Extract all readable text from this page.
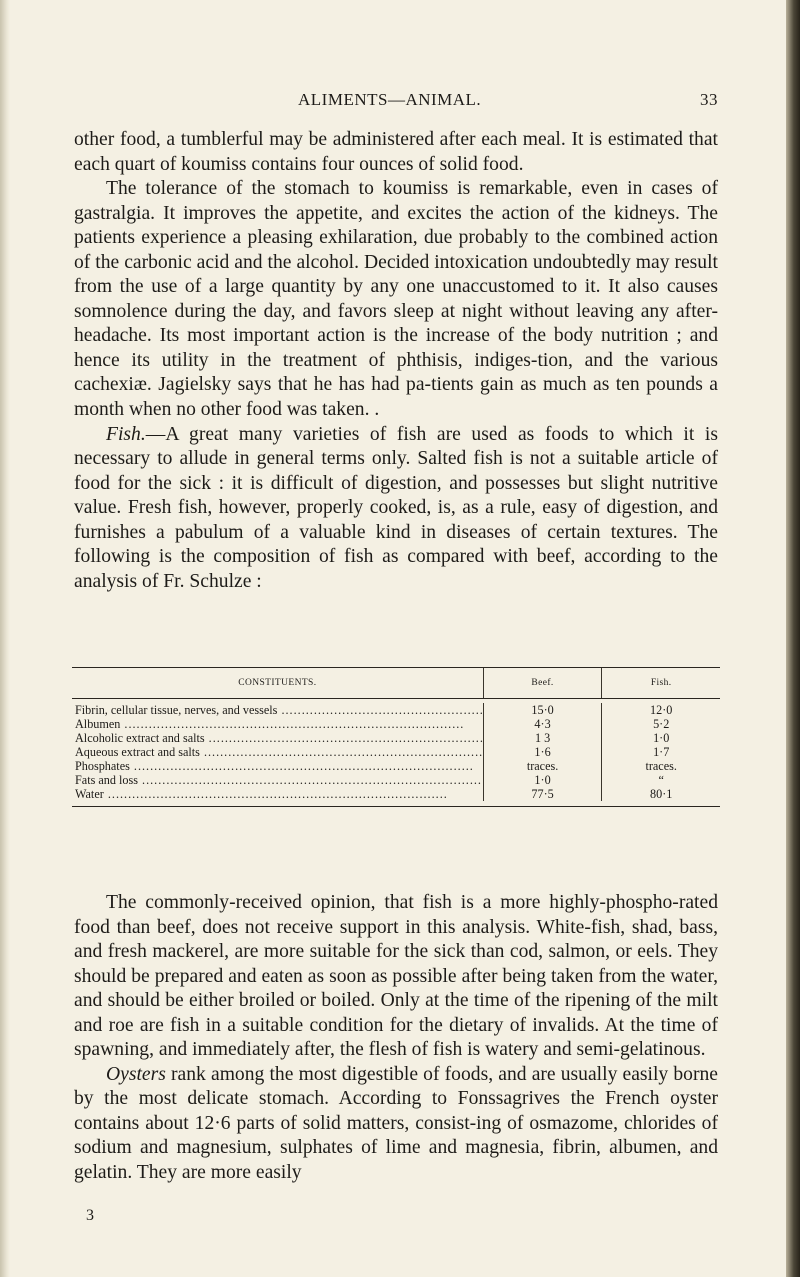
ALIMENTS—ANIMAL.	33

other food, a tumblerful may be administered after each meal. It is estimated that each quart of koumiss contains four ounces of solid food.

The tolerance of the stomach to koumiss is remarkable, even in cases of gastralgia. It improves the appetite, and excites the action of the kidneys. The patients experience a pleasing exhilaration, due probably to the combined action of the carbonic acid and the alcohol. Decided intoxication undoubtedly may result from the use of a large quantity by any one unaccustomed to it. It also causes somnolence during the day, and favors sleep at night without leaving any after-headache. Its most important action is the increase of the body nutrition ; and hence its utility in the treatment of phthisis, indiges-tion, and the various cachexiæ. Jagielsky says that he has had pa-tients gain as much as ten pounds a month when no other food was taken. .

Fish.—A great many varieties of fish are used as foods to which it is necessary to allude in general terms only. Salted fish is not a suitable article of food for the sick : it is difficult of digestion, and possesses but slight nutritive value. Fresh fish, however, properly cooked, is, as a rule, easy of digestion, and furnishes a pabulum of a valuable kind in diseases of certain textures. The following is the composition of fish as compared with beef, according to the analysis of Fr. Schulze :

CONSTITUENTS.	Beef.	Fish.
Fibrin, cellular tissue, nerves, and vessels .....	15·0	12·0
Albumen .....	4·3	5·2
Alcoholic extract and salts .....	1 3	1·0
Aqueous extract and salts .....	1·6	1·7
Phosphates .....	traces.	traces.
Fats and loss .....	1·0	“
Water .....	77·5	80·1

The commonly-received opinion, that fish is a more highly-phospho-rated food than beef, does not receive support in this analysis. White-fish, shad, bass, and fresh mackerel, are more suitable for the sick than cod, salmon, or eels. They should be prepared and eaten as soon as possible after being taken from the water, and should be either broiled or boiled. Only at the time of the ripening of the milt and roe are fish in a suitable condition for the dietary of invalids. At the time of spawning, and immediately after, the flesh of fish is watery and semi-gelatinous.

Oysters rank among the most digestible of foods, and are usually easily borne by the most delicate stomach. According to Fonssagrives the French oyster contains about 12·6 parts of solid matters, consist-ing of osmazome, chlorides of sodium and magnesium, sulphates of lime and magnesia, fibrin, albumen, and gelatin. They are more easily

3
